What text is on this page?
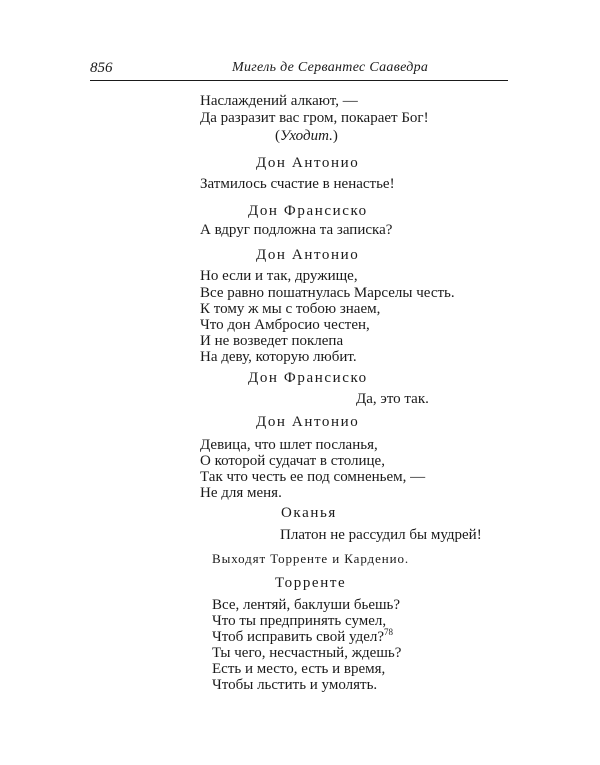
856	Мигель де Сервантес Сааведра
Наслаждений алкают, —
Да разразит вас гром, покарает Бог!
(Уходит.)
Дон Антонио
Затмилось счастие в ненастье!
Дон Франсиско
А вдруг подложна та записка?
Дон Антонио
Но если и так, дружище,
Все равно пошатнулась Марселы честь.
К тому ж мы с тобою знаем,
Что дон Амбросио честен,
И не возведет поклепа
На деву, которую любит.
Дон Франсиско
Да, это так.
Дон Антонио
Девица, что шлет посланья,
О которой судачат в столице,
Так что честь ее под сомненьем, —
Не для меня.
Оканья
Платон не рассудил бы мудрей!
Выходят Торренте и Карденио.
Торренте
Все, лентяй, баклуши бьешь?
Что ты предпринять сумел,
Чтоб исправить свой удел?$^{78}$
Ты чего, несчастный, ждешь?
Есть и место, есть и время,
Чтобы льстить и умолять.
